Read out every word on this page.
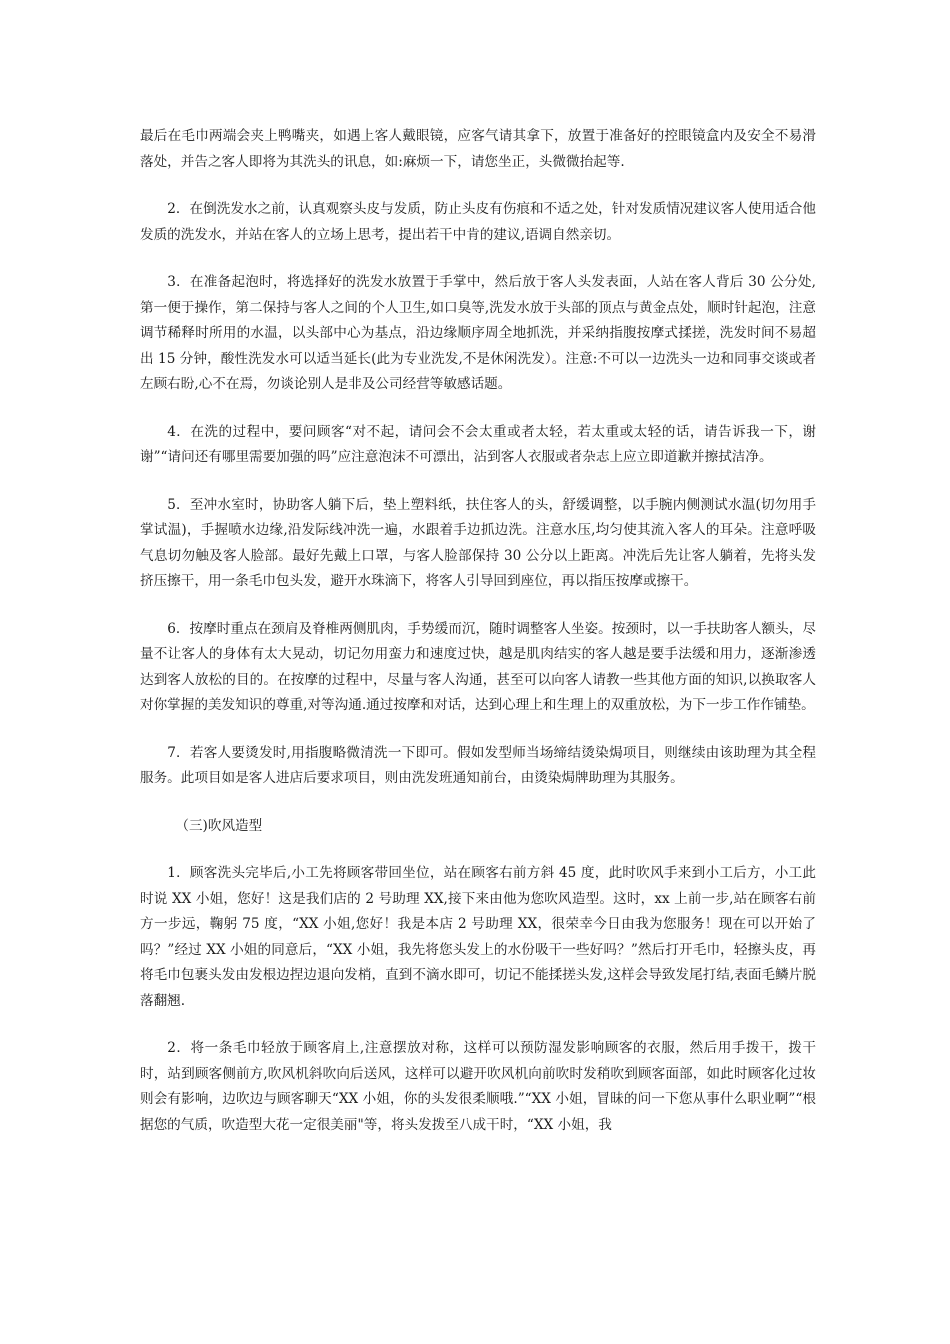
最后在毛巾两端会夹上鸭嘴夹，如遇上客人戴眼镜，应客气请其拿下，放置于准备好的控眼镜盒内及安全不易滑落处，并告之客人即将为其洗头的讯息，如:麻烦一下，请您坐正，头微微抬起等.

2．在倒洗发水之前，认真观察头皮与发质，防止头皮有伤痕和不适之处，针对发质情况建议客人使用适合他发质的洗发水，并站在客人的立场上思考，提出若干中肯的建议,语调自然亲切。

3．在准备起泡时，将选择好的洗发水放置于手掌中，然后放于客人头发表面，人站在客人背后 30 公分处,第一便于操作，第二保持与客人之间的个人卫生,如口臭等,洗发水放于头部的顶点与黄金点处，顺时针起泡，注意调节稀释时所用的水温，以头部中心为基点，沿边缘顺序周全地抓洗，并采纳指腹按摩式揉搓，洗发时间不易超出 15 分钟，酸性洗发水可以适当延长(此为专业洗发,不是休闲洗发）。注意:不可以一边洗头一边和同事交谈或者左顾右盼,心不在焉，勿谈论别人是非及公司经营等敏感话题。

4．在洗的过程中，要问顾客“对不起，请问会不会太重或者太轻，若太重或太轻的话，请告诉我一下，谢谢”“请问还有哪里需要加强的吗”应注意泡沫不可漂出，沾到客人衣服或者杂志上应立即道歉并擦拭洁净。

5．至冲水室时，协助客人躺下后，垫上塑料纸，扶住客人的头，舒缓调整，以手腕内侧测试水温(切勿用手掌试温)，手握喷水边缘,沿发际线冲洗一遍，水跟着手边抓边洗。注意水压,均匀使其流入客人的耳朵。注意呼吸气息切勿触及客人脸部。最好先戴上口罩，与客人脸部保持 30 公分以上距离。冲洗后先让客人躺着，先将头发挤压擦干，用一条毛巾包头发，避开水珠滴下，将客人引导回到座位，再以指压按摩或擦干。

6．按摩时重点在颈肩及脊椎两侧肌肉，手势缓而沉，随时调整客人坐姿。按颈时，以一手扶助客人额头，尽量不让客人的身体有太大晃动，切记勿用蛮力和速度过快，越是肌肉结实的客人越是要手法缓和用力，逐渐渗透达到客人放松的目的。在按摩的过程中，尽量与客人沟通，甚至可以向客人请教一些其他方面的知识,以换取客人对你掌握的美发知识的尊重,对等沟通.通过按摩和对话，达到心理上和生理上的双重放松，为下一步工作作铺垫。

7．若客人要烫发时,用指腹略微清洗一下即可。假如发型师当场缔结烫染焗项目，则继续由该助理为其全程服务。此项目如是客人进店后要求项目，则由洗发班通知前台，由烫染焗牌助理为其服务。

（三)吹风造型

1．顾客洗头完毕后,小工先将顾客带回坐位，站在顾客右前方斜 45 度，此时吹风手来到小工后方，小工此时说 XX 小姐，您好！这是我们店的 2 号助理 XX,接下来由他为您吹风造型。这时，xx 上前一步,站在顾客右前方一步远，鞠躬 75 度，“XX 小姐,您好！我是本店 2 号助理 XX，很荣幸今日由我为您服务！现在可以开始了吗？”经过 XX 小姐的同意后，“XX 小姐，我先将您头发上的水份吸干一些好吗？”然后打开毛巾，轻擦头皮，再将毛巾包裹头发由发根边捏边退向发梢，直到不滴水即可，切记不能揉搓头发,这样会导致发尾打结,表面毛鳞片脱落翻翘.

2．将一条毛巾轻放于顾客肩上,注意摆放对称，这样可以预防湿发影响顾客的衣服，然后用手拨干，拨干时，站到顾客侧前方,吹风机斜吹向后送风，这样可以避开吹风机向前吹时发稍吹到顾客面部，如此时顾客化过妆则会有影响，边吹边与顾客聊天“XX 小姐，你的头发很柔顺哦.”“XX 小姐，冒昧的问一下您从事什么职业啊”“根据您的气质，吹造型大花一定很美丽"等，将头发拨至八成干时，“XX 小姐，我
